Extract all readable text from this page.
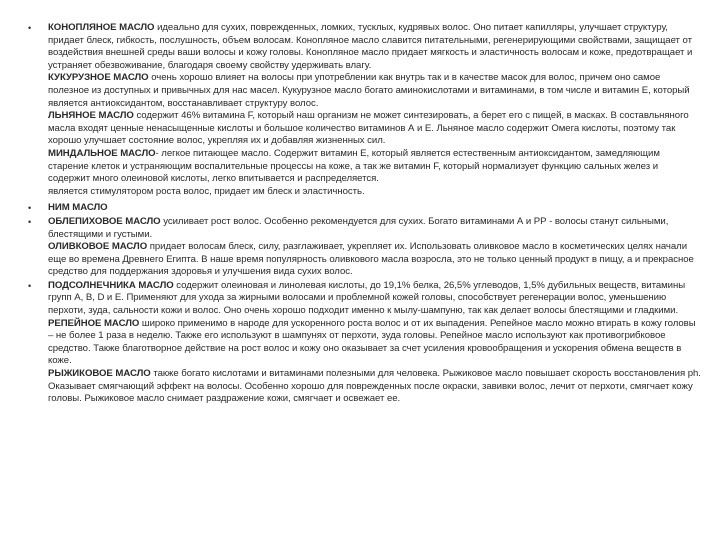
• КОНОПЛЯНОЕ МАСЛО идеально для сухих, поврежденных, ломких, тусклых, кудрявых волос. Оно питает капилляры, улучшает структуру, придает блеск, гибкость, послушность, объем волосам. Конопляное масло славится питательными, регенерирующими свойствами, защищает от воздействия внешней среды ваши волосы и кожу головы. Конопляное масло придает мягкость и эластичность волосам и коже, предотвращает и устраняет обезвоживание, благодаря своему свойству удерживать влагу.

КУКУРУЗНОЕ МАСЛО очень хорошо влияет на волосы при употреблении как внутрь так и в качестве масок для волос, причем оно самое полезное из доступных и привычных для нас масел. Кукурузное масло богато аминокислотами и витаминами, в том числе и витамин Е, который является антиоксидантом, восстанавливает структуру волос.

ЛЬНЯНОЕ МАСЛО содержит 46% витамина F, который наш организм не может синтезировать, а берет его с пищей, в масках. В составльняного масла входят ценные ненасыщенные кислоты и большое количество витаминов А и Е. Льняное масло содержит Омега кислоты, поэтому так хорошо улучшает состояние волос, укрепляя их и добавляя жизненных сил.

МИНДАЛЬНОЕ МАСЛО- легкое питающее масло. Содержит витамин Е, который является естественным антиоксидантом, замедляющим старение клеток и устраняющим воспалительные процессы на коже, а так же витамин F, который нормализует функцию сальных желез и содержит много олеиновой кислоты, легко впитывается и распределяется.

является стимулятором роста волос, придает им блеск и эластичность.

• НИМ МАСЛО

• ОБЛЕПИХОВОЕ МАСЛО усиливает рост волос. Особенно рекомендуется для сухих. Богато витаминами А и РР - волосы станут сильными, блестящими и густыми.

ОЛИВКОВОЕ МАСЛО придает волосам блеск, силу, разглаживает, укрепляет их. Использовать оливковое масло в косметических целях начали еще во времена Древнего Египта. В наше время популярность оливкового масла возросла, это не только ценный продукт в пищу, а и прекрасное средство для поддержания здоровья и улучшения вида сухих волос.

• ПОДСОЛНЕЧНИКА МАСЛО содержит олеиновая и линолевая кислоты, до 19,1% белка, 26,5% углеводов, 1,5% дубильных веществ, витамины групп А, В, D и Е. Применяют для ухода за жирными волосами и проблемной кожей головы, способствует регенерации волос, уменьшению перхоти, зуда, сальности кожи и волос. Оно очень хорошо подходит именно к мылу-шампуню, так как делает волосы блестящими и гладкими.

РЕПЕЙНОЕ МАСЛО широко применимо в народе для ускоренного роста волос и от их выпадения. Репейное масло можно втирать в кожу головы – не более 1 раза в неделю. Также его используют в шампунях от перхоти, зуда головы. Репейное масло используют как противогрибковое средство. Также благотворное действие на рост волос и кожу оно оказывает за счет усиления кровообращения и ускорения обмена веществ в коже.

РЫЖИКОВОЕ МАСЛО также богато кислотами и витаминами полезными для человека. Рыжиковое масло повышает скорость восстановления ph. Оказывает смягчающий эффект на волосы. Особенно хорошо для поврежденных после окраски, завивки волос, лечит от перхоти, смягчает кожу головы. Рыжиковое масло снимает раздражение кожи, смягчает и освежает ее.
